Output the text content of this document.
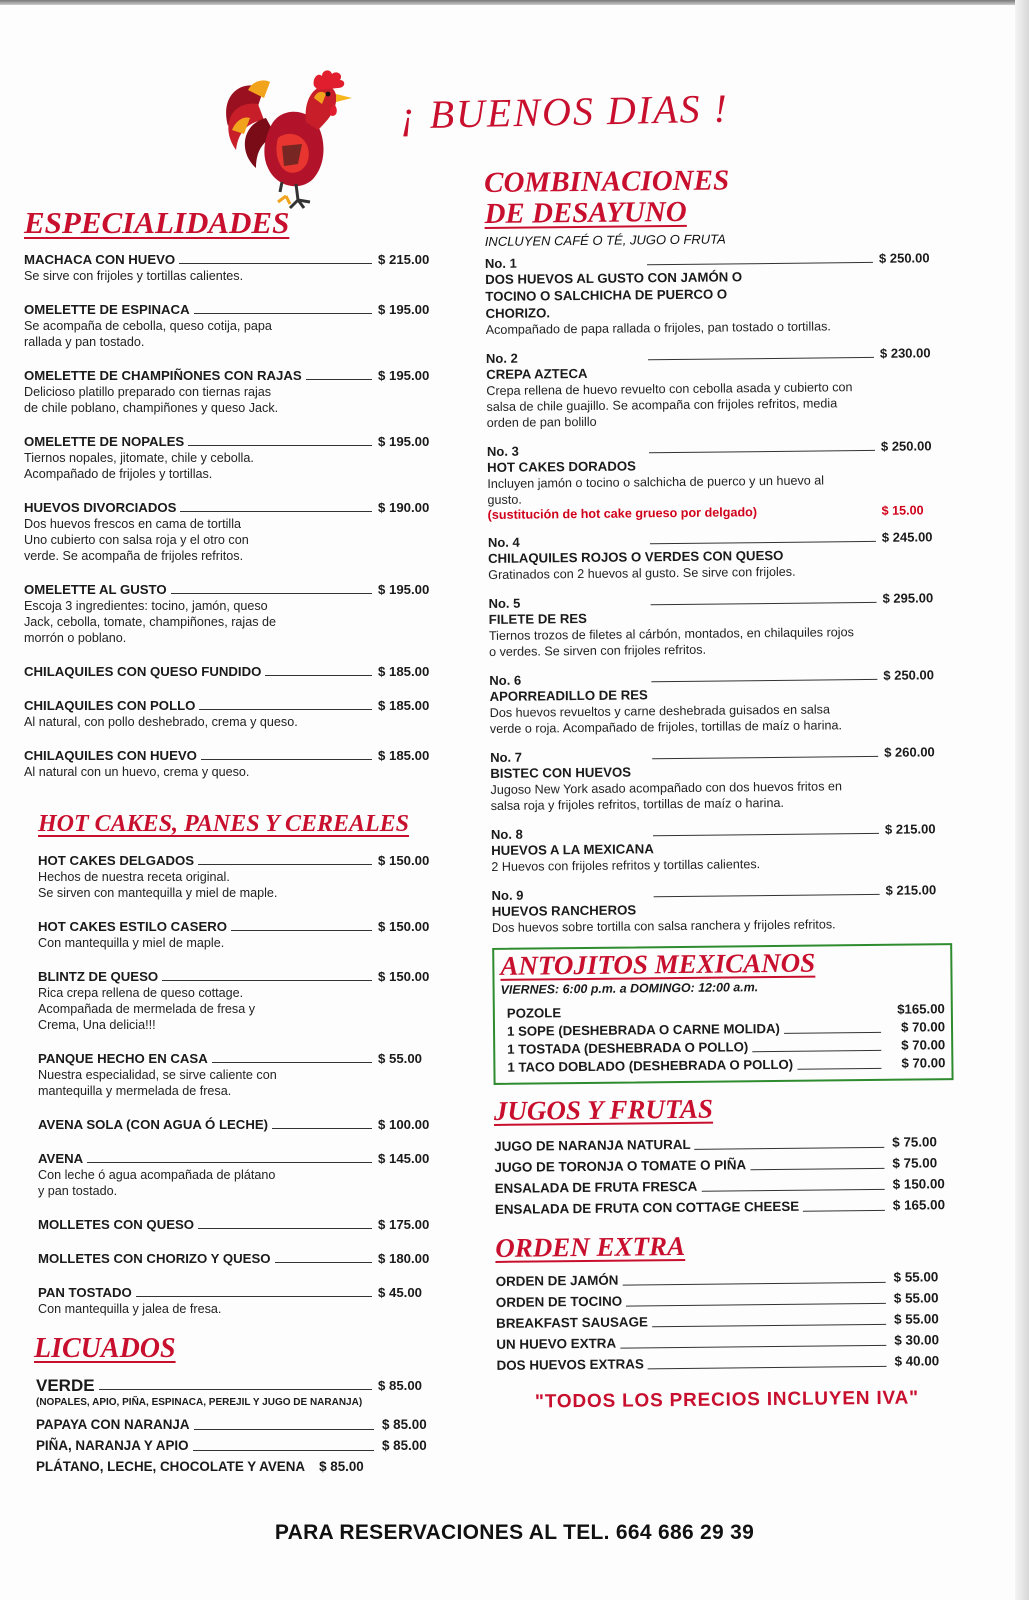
¡ BUENOS DIAS !
ESPECIALIDADES
MACHACA CON HUEVO	$ 215.00
Se sirve con frijoles y tortillas calientes.
OMELETTE DE ESPINACA	$ 195.00
Se acompaña de cebolla, queso cotija, papa
rallada y pan tostado.
OMELETTE DE CHAMPIÑONES CON RAJAS	$ 195.00
Delicioso platillo preparado con tiernas rajas
de chile poblano, champiñones y queso Jack.
OMELETTE DE NOPALES	$ 195.00
Tiernos nopales, jitomate, chile y cebolla.
Acompañado de frijoles y tortillas.
HUEVOS DIVORCIADOS	$ 190.00
Dos huevos frescos en cama de tortilla
Uno cubierto con salsa roja y el otro con
verde. Se acompaña de frijoles refritos.
OMELETTE AL GUSTO	$ 195.00
Escoja 3 ingredientes: tocino, jamón, queso
Jack, cebolla, tomate, champiñones, rajas de
morrón o poblano.
CHILAQUILES CON QUESO FUNDIDO	$ 185.00
CHILAQUILES CON POLLO	$ 185.00
Al natural, con pollo deshebrado, crema y queso.
CHILAQUILES CON HUEVO	$ 185.00
Al natural con un huevo, crema y queso.
HOT CAKES, PANES Y CEREALES
HOT CAKES DELGADOS	$ 150.00
Hechos de nuestra receta original.
Se sirven con mantequilla y miel de maple.
HOT CAKES ESTILO CASERO	$ 150.00
Con mantequilla y miel de maple.
BLINTZ DE QUESO	$ 150.00
Rica crepa rellena de queso cottage.
Acompañada de mermelada de fresa y
Crema, Una delicia!!!
PANQUE HECHO EN CASA	$ 55.00
Nuestra especialidad, se sirve caliente con
mantequilla y mermelada de fresa.
AVENA SOLA (CON AGUA Ó LECHE)	$ 100.00
AVENA	$ 145.00
Con leche ó agua acompañada de plátano
y pan tostado.
MOLLETES CON QUESO	$ 175.00
MOLLETES CON CHORIZO Y QUESO	$ 180.00
PAN TOSTADO	$ 45.00
Con mantequilla y jalea de fresa.
LICUADOS
VERDE	$ 85.00
(NOPALES, APIO, PIÑA, ESPINACA, PEREJIL Y JUGO DE NARANJA)
PAPAYA CON NARANJA	$ 85.00
PIÑA, NARANJA Y APIO	$ 85.00
PLÁTANO, LECHE, CHOCOLATE Y AVENA $ 85.00
COMBINACIONES
DE DESAYUNO
INCLUYEN CAFÉ O TÉ, JUGO O FRUTA
No. 1	$ 250.00
DOS HUEVOS AL GUSTO CON JAMÓN O TOCINO O SALCHICHA DE PUERCO O CHORIZO.
Acompañado de papa rallada o frijoles, pan tostado o tortillas.
No. 2	$ 230.00
CREPA AZTECA
Crepa rellena de huevo revuelto con cebolla asada y cubierto con salsa de chile guajillo. Se acompaña con frijoles refritos, media orden de pan bolillo
No. 3	$ 250.00
HOT CAKES DORADOS
Incluyen jamón o tocino o salchicha de puerco y un huevo al gusto.
(sustitución de hot cake grueso por delgado)	$ 15.00
No. 4	$ 245.00
CHILAQUILES ROJOS O VERDES CON QUESO
Gratinados con 2 huevos al gusto. Se sirve con frijoles.
No. 5	$ 295.00
FILETE DE RES
Tiernos trozos de filetes al cárbón, montados, en chilaquiles rojos o verdes. Se sirven con frijoles refritos.
No. 6	$ 250.00
APORREADILLO DE RES
Dos huevos revueltos y carne deshebrada guisados en salsa verde o roja. Acompañado de frijoles, tortillas de maíz o harina.
No. 7	$ 260.00
BISTEC CON HUEVOS
Jugoso New York asado acompañado con dos huevos fritos en salsa roja y frijoles refritos, tortillas de maíz o harina.
No. 8	$ 215.00
HUEVOS A LA MEXICANA
2 Huevos con frijoles refritos y tortillas calientes.
No. 9	$ 215.00
HUEVOS RANCHEROS
Dos huevos sobre tortilla con salsa ranchera y frijoles refritos.
ANTOJITOS MEXICANOS
VIERNES: 6:00 p.m. a DOMINGO: 12:00 a.m.
POZOLE	$165.00
1 SOPE (DESHEBRADA O CARNE MOLIDA)	$ 70.00
1 TOSTADA (DESHEBRADA O POLLO)	$ 70.00
1 TACO DOBLADO (DESHEBRADA O POLLO)	$ 70.00
JUGOS Y FRUTAS
JUGO DE NARANJA NATURAL	$ 75.00
JUGO DE TORONJA O TOMATE O PIÑA	$ 75.00
ENSALADA DE FRUTA FRESCA	$ 150.00
ENSALADA DE FRUTA CON COTTAGE CHEESE	$ 165.00
ORDEN EXTRA
ORDEN DE JAMÓN	$ 55.00
ORDEN DE TOCINO	$ 55.00
BREAKFAST SAUSAGE	$ 55.00
UN HUEVO EXTRA	$ 30.00
DOS HUEVOS EXTRAS	$ 40.00
"TODOS LOS PRECIOS INCLUYEN IVA"
PARA RESERVACIONES AL TEL. 664 686 29 39
